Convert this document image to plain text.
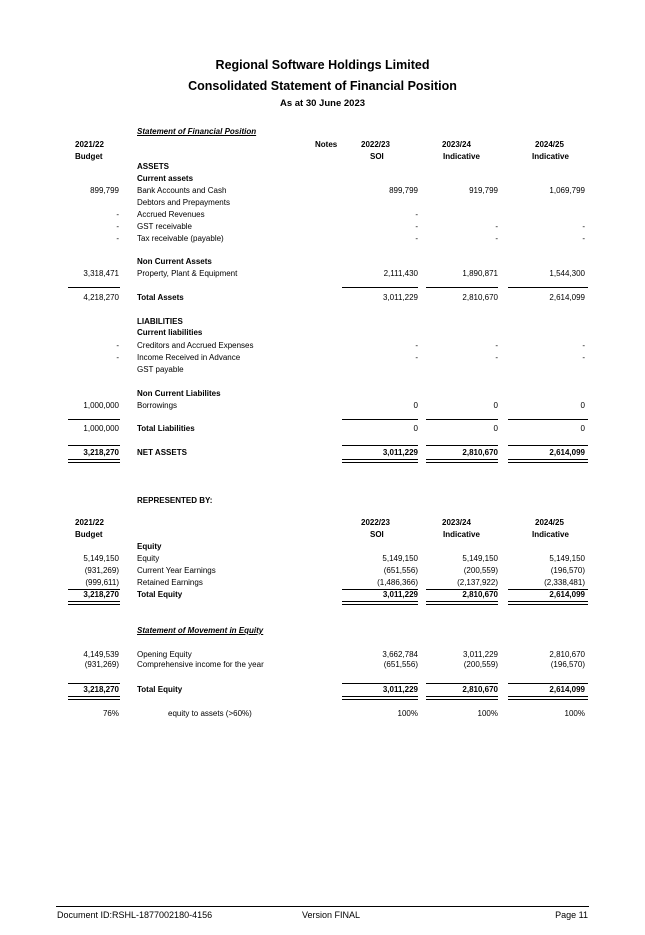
Regional Software Holdings Limited
Consolidated Statement of Financial Position
As at 30 June 2023
Statement of Financial Position
2021/22
Budget
Notes	2022/23
SOI
2023/24
Indicative
2024/25
Indicative
ASSETS
Current assets
899,799 Bank Accounts and Cash	899,799	919,799	1,069,799
Debtors and Prepayments
- Accrued Revenues	-
- GST receivable	-	-	-
- Tax receivable (payable)	-	-	-
Non Current Assets
3,318,471 Property, Plant & Equipment	2,111,430	1,890,871	1,544,300
4,218,270 Total Assets	3,011,229	2,810,670	2,614,099
LIABILITIES
Current liabilities
- Creditors and Accrued Expenses	-	-	-
- Income Received in Advance	-	-	-
GST payable
Non Current Liabilites
1,000,000 Borrowings	0	0	0
1,000,000 Total Liabilities	0	0	0
3,218,270 NET ASSETS	3,011,229	2,810,670	2,614,099
REPRESENTED BY:
2021/22
Budget
2022/23
SOI
2023/24
Indicative
2024/25
Indicative
Equity
5,149,150 Equity	5,149,150	5,149,150	5,149,150
(931,269) Current Year Earnings	(651,556)	(200,559)	(196,570)
(999,611) Retained Earnings	(1,486,366)	(2,137,922)	(2,338,481)
3,218,270 Total Equity	3,011,229	2,810,670	2,614,099
Statement of Movement in Equity
4,149,539 Opening Equity	3,662,784	3,011,229	2,810,670
(931,269) Comprehensive income for the year	(651,556)	(200,559)	(196,570)
3,218,270 Total Equity	3,011,229	2,810,670	2,614,099
76%	equity to assets (>60%)	100%	100%	100%
Document ID:RSHL-1877002180-4156	Version FINAL	Page 11
